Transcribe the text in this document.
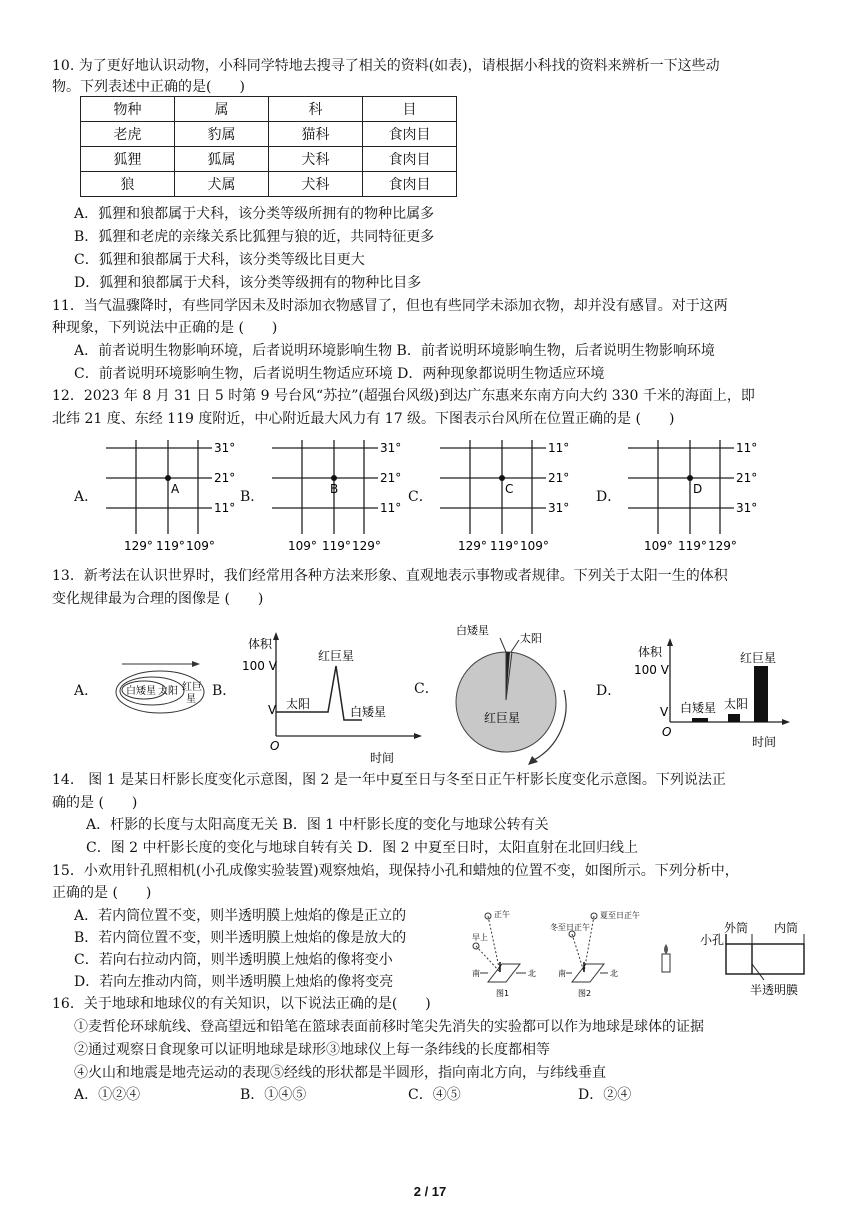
10. 为了更好地认识动物，小科同学特地去搜寻了相关的资料(如表)，请根据小科找的资料来辨析一下这些动
物。下列表述中正确的是(　　)
物种	属	科	目
老虎	豹属	猫科	食肉目
狐狸	狐属	犬科	食肉目
狼	犬属	犬科	食肉目
A．狐狸和狼都属于犬科，该分类等级所拥有的物种比属多
B．狐狸和老虎的亲缘关系比狐狸与狼的近，共同特征更多
C．狐狸和狼都属于犬科，该分类等级比目更大
D．狐狸和狼都属于犬科，该分类等级拥有的物种比目多
11．当气温骤降时，有些同学因未及时添加衣物感冒了，但也有些同学未添加衣物，却并没有感冒。对于这两
种现象，下列说法中正确的是 (　　)
A．前者说明生物影响环境，后者说明环境影响生物 B．前者说明环境影响生物，后者说明生物影响环境
C．前者说明环境影响生物，后者说明生物适应环境 D．两种现象都说明生物适应环境
12．2023 年 8 月 31 日 5 时第 9 号台风“苏拉”(超强台风级)到达广东惠来东南方向大约 330 千米的海面上，即
北纬 21 度、东经 119 度附近，中心附近最大风力有 17 级。下图表示台风所在位置正确的是 (　　)
A．	A
31°
21°
11°
129° 119° 109°
B．	B
31°
21°
11°
109° 119° 129°
C．	C
11°
21°
31°
129° 119° 109°
D．	D
11°
21°
31°
109° 119° 129°
13．新考法在认识世界时，我们经常用各种方法来形象、直观地表示事物或者规律。下列关于太阳一生的体积
变化规律最为合理的图像是 (　　)
A．	白矮星 太阳 红巨
星
B．
体积
100 V
V
O
时间
太阳
红巨星
白矮星
C．
白矮星
太阳
红巨星
D．
体积
100 V
V
O
时间
红巨星
白矮星 太阳
14.　图 1 是某日杆影长度变化示意图，图 2 是一年中夏至日与冬至日正午杆影长度变化示意图。下列说法正
确的是 (　　)
A．杆影的长度与太阳高度无关 B．图 1 中杆影长度的变化与地球公转有关
C．图 2 中杆影长度的变化与地球自转有关 D．图 2 中夏至日时，太阳直射在北回归线上
15．小欢用针孔照相机(小孔成像实验装置)观察烛焰，现保持小孔和蜡烛的位置不变，如图所示。下列分析中，
正确的是 (　　)
A．若内筒位置不变，则半透明膜上烛焰的像是正立的
B．若内筒位置不变，则半透明膜上烛焰的像是放大的
C．若向右拉动内筒，则半透明膜上烛焰的像将变小
D．若向左推动内筒，则半透明膜上烛焰的像将变亮
正午
早上
南	北
图1
夏至日正午
冬至日正午
南	北
图2
外筒 内筒
小孔
半透明膜
16．关于地球和地球仪的有关知识，以下说法正确的是(　　)
①麦哲伦环球航线、登高望远和铅笔在篮球表面前移时笔尖先消失的实验都可以作为地球是球体的证据
②通过观察日食现象可以证明地球是球形③地球仪上每一条纬线的长度都相等
④火山和地震是地壳运动的表现⑤经线的形状都是半圆形，指向南北方向，与纬线垂直
A．①②④	B．①④⑤	C．④⑤	D．②④
2 / 17
